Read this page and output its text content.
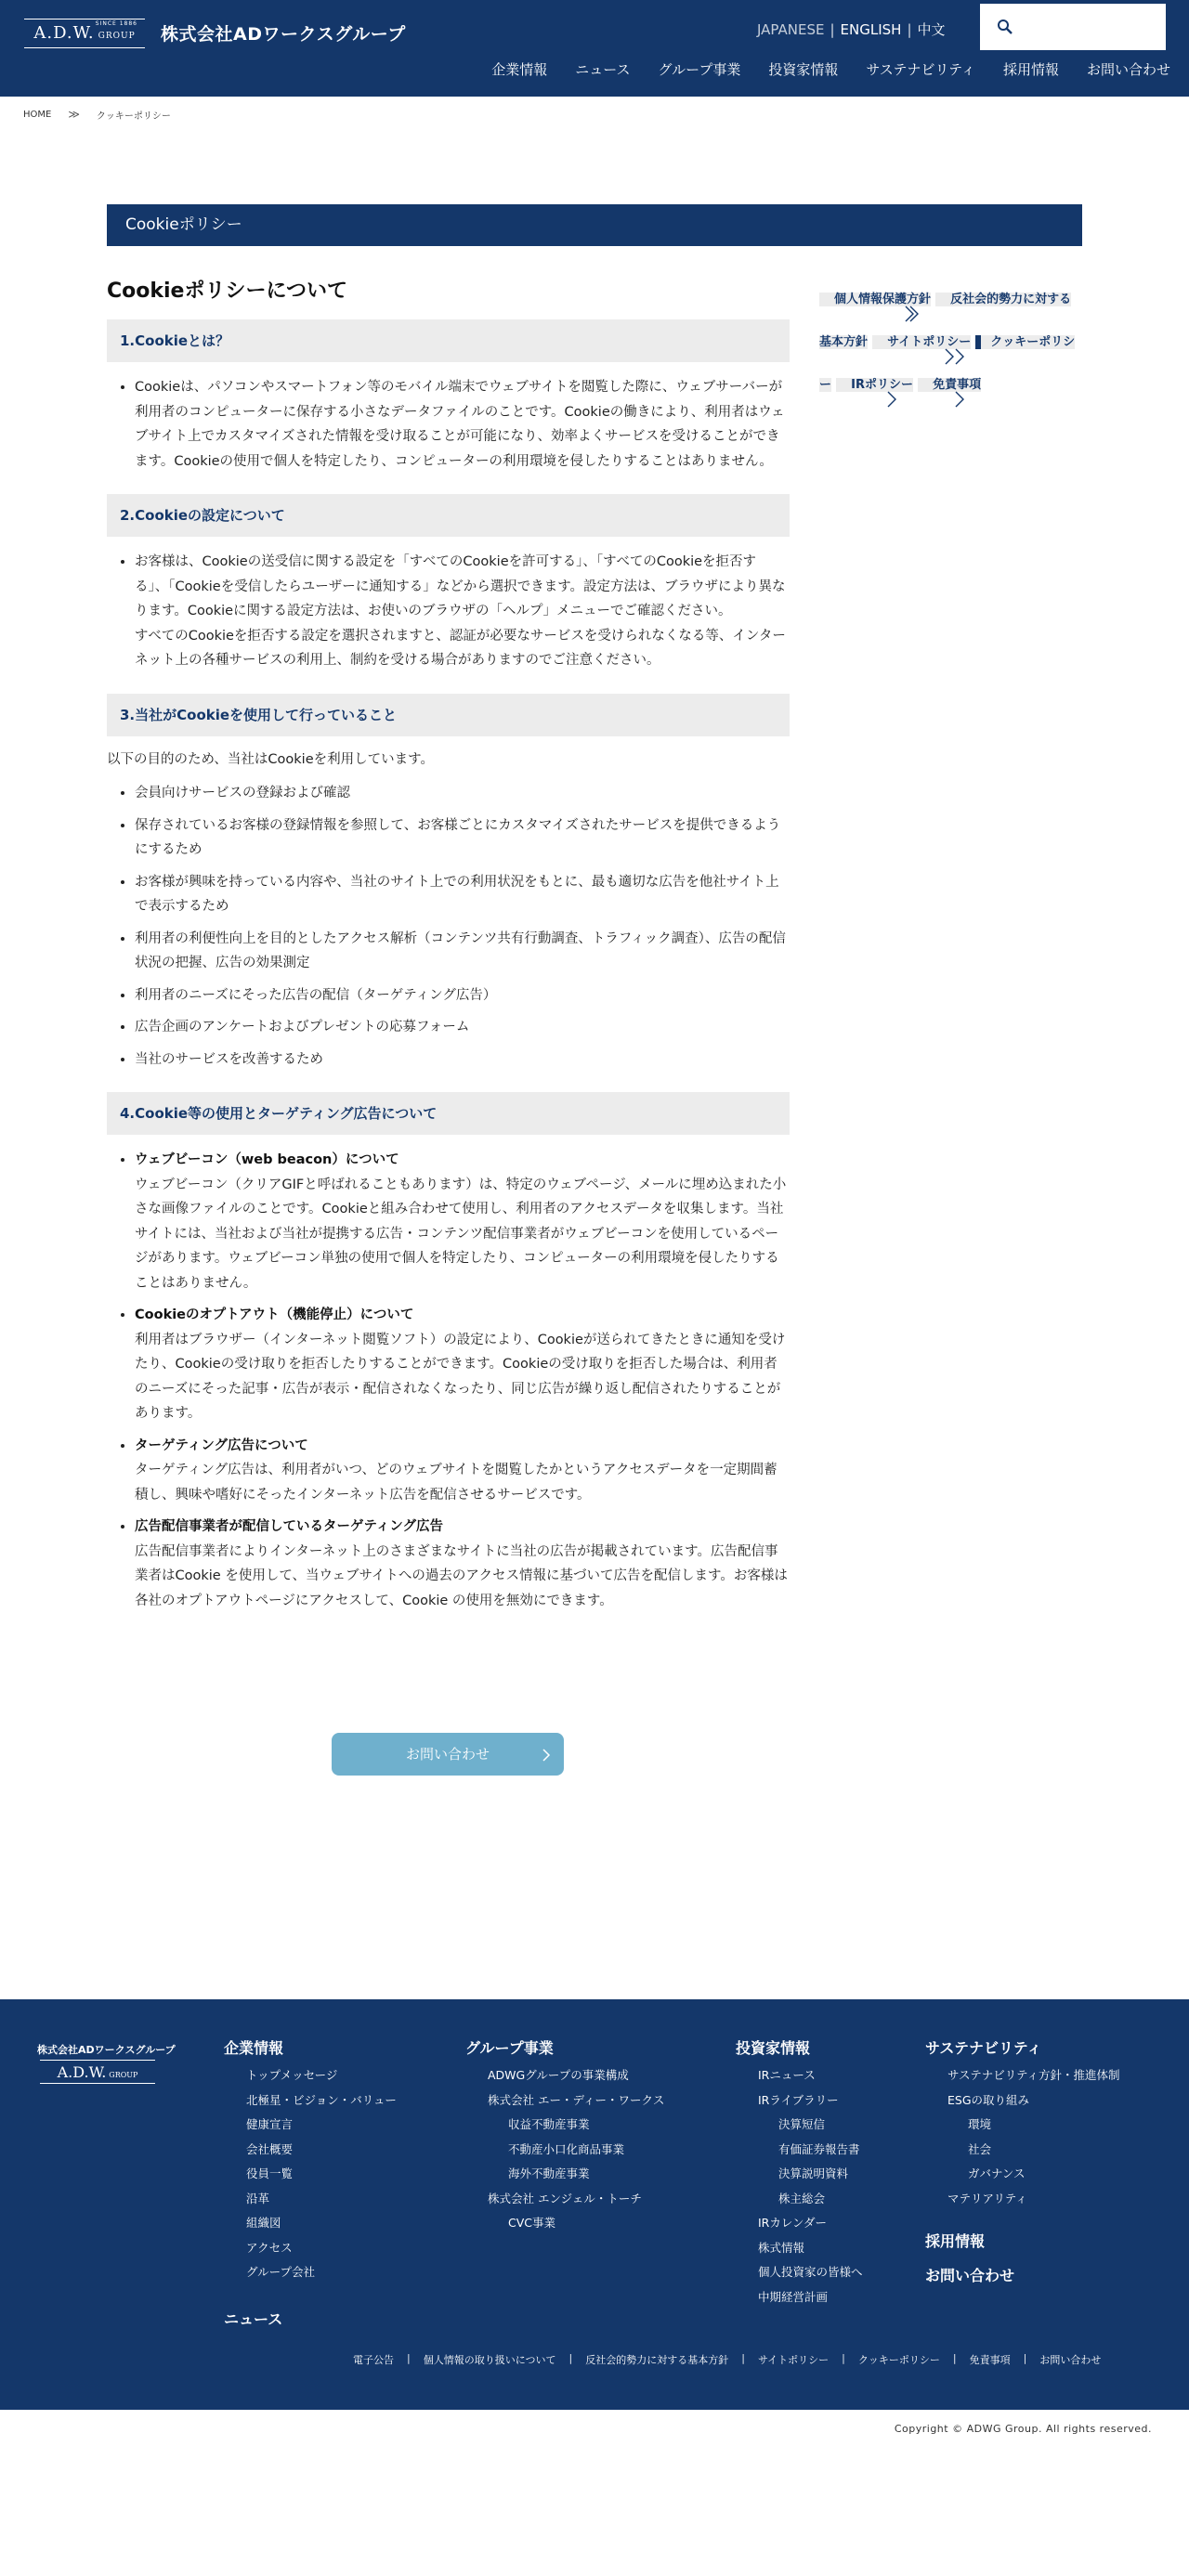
SINCE 1886
A.D.W. GROUP	株式会社ADワークスグループ	JAPANESE | ENGLISH | 中文
企業情報 ニュース グループ事業 投資家情報 サステナビリティ 採用情報 お問い合わせ
HOME ≫ クッキーポリシー
Cookieポリシー
Cookieポリシーについて
1.Cookieとは？
• Cookieは、パソコンやスマートフォン等のモバイル端末でウェブサイトを閲覧した際に、ウェブサーバーが利用者のコンピューターに保存する小さなデータファイルのことです。Cookieの働きにより、利用者はウェブサイト上でカスタマイズされた情報を受け取ることが可能になり、効率よくサービスを受けることができます。Cookieの使用で個人を特定したり、コンピューターの利用環境を侵したりすることはありません。
2.Cookieの設定について
• お客様は、Cookieの送受信に関する設定を「すべてのCookieを許可する」、「すべてのCookieを拒否する」、「Cookieを受信したらユーザーに通知する」などから選択できます。設定方法は、ブラウザにより異なります。Cookieに関する設定方法は、お使いのブラウザの「ヘルプ」メニューでご確認ください。
すべてのCookieを拒否する設定を選択されますと、認証が必要なサービスを受けられなくなる等、インターネット上の各種サービスの利用上、制約を受ける場合がありますのでご注意ください。
3.当社がCookieを使用して行っていること

以下の目的のため、当社はCookieを利用しています。

• 会員向けサービスの登録および確認
• 保存されているお客様の登録情報を参照して、お客様ごとにカスタマイズされたサービスを提供できるようにするため
• お客様が興味を持っている内容や、当社のサイト上での利用状況をもとに、最も適切な広告を他社サイト上で表示するため
• 利用者の利便性向上を目的としたアクセス解析（コンテンツ共有行動調査、トラフィック調査）、広告の配信状況の把握、広告の効果測定
• 利用者のニーズにそった広告の配信（ターゲティング広告）
• 広告企画のアンケートおよびプレゼントの応募フォーム
• 当社のサービスを改善するため
4.Cookie等の使用とターゲティング広告について
• ウェブビーコン（web beacon）について
ウェブビーコン（クリアGIFと呼ばれることもあります）は、特定のウェブページ、メールに埋め込まれた小さな画像ファイルのことです。Cookieと組み合わせて使用し、利用者のアクセスデータを収集します。当社サイトには、当社および当社が提携する広告・コンテンツ配信事業者がウェブビーコンを使用しているページがあります。ウェブビーコン単独の使用で個人を特定したり、コンピューターの利用環境を侵したりすることはありません。
• Cookieのオプトアウト（機能停止）について
利用者はブラウザー（インターネット閲覧ソフト）の設定により、Cookieが送られてきたときに通知を受けたり、Cookieの受け取りを拒否したりすることができます。Cookieの受け取りを拒否した場合は、利用者のニーズにそった記事・広告が表示・配信されなくなったり、同じ広告が繰り返し配信されたりすることがあります。
• ターゲティング広告について
ターゲティング広告は、利用者がいつ、どのウェブサイトを閲覧したかというアクセスデータを一定期間蓄積し、興味や嗜好にそったインターネット広告を配信させるサービスです。
• 広告配信事業者が配信しているターゲティング広告
広告配信事業者によりインターネット上のさまざまなサイトに当社の広告が掲載されています。広告配信事業者はCookie を使用して、当ウェブサイトへの過去のアクセス情報に基づいて広告を配信します。お客様は各社のオプトアウトページにアクセスして、Cookie の使用を無効にできます。
お問い合わせ
個人情報保護方針 反社会的勢力に対する基本方針 サイトポリシー クッキーポリシー IRポリシー 免責事項
株式会社ADワークスグループ
A.D.W. GROUP
企業情報
トップメッセージ
北極星・ビジョン・バリュー
健康宣言
会社概要
役員一覧
沿革
組織図
アクセス
グループ会社
ニュース
グループ事業
ADWGグループの事業構成
株式会社 エー・ディー・ワークス
収益不動産事業
不動産小口化商品事業
海外不動産事業
株式会社 エンジェル・トーチ
CVC事業
投資家情報
IRニュース
IRライブラリー
決算短信
有価証券報告書
決算説明資料
株主総会
IRカレンダー
株式情報
個人投資家の皆様へ
中期経営計画
サステナビリティ
サステナビリティ方針・推進体制
ESGの取り組み
環境
社会
ガバナンス
マテリアリティ
採用情報
お問い合わせ
電子公告 | 個人情報の取り扱いについて | 反社会的勢力に対する基本方針 | サイトポリシー | クッキーポリシー | 免責事項 | お問い合わせ
Copyright © ADWG Group. All rights reserved.
